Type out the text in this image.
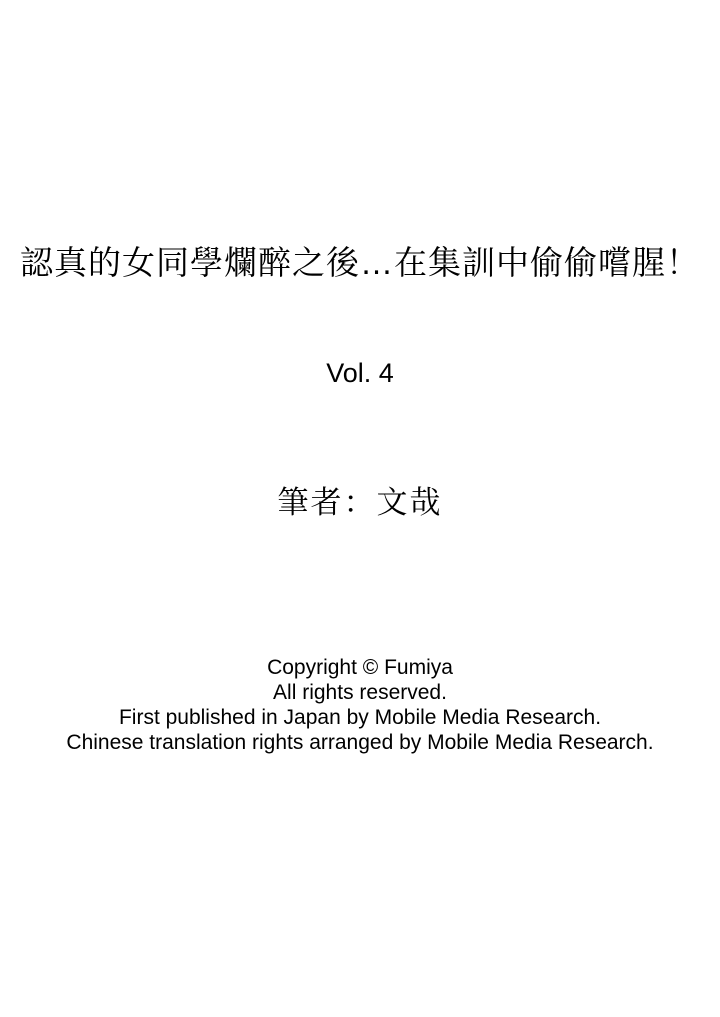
認真的女同學爛醉之後…在集訓中偷偷嚐腥！
Vol. 4
筆者：文哉
Copyright © Fumiya
All rights reserved.
First published in Japan by Mobile Media Research.
Chinese translation rights arranged by Mobile Media Research.
